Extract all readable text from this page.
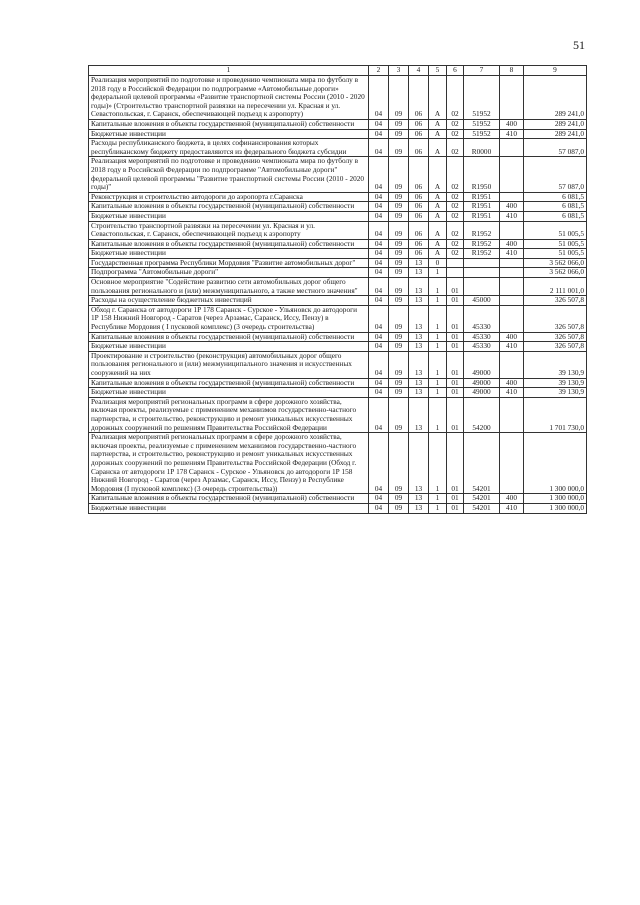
51
1	2	3	4	5	6	7	8	9
Реализация мероприятий по подготовке и проведению чемпионата мира по футболу в 2018 году в Российской Федерации по подпрограмме «Автомобильные дороги» федеральной целевой программы «Развитие транспортной системы России (2010 - 2020 годы)» (Строительство транспортной развязки на пересечении ул. Красная и ул. Севастопольская, г. Саранск, обеспечивающей подъезд к аэропорту)	04	09	06	А	02	51952		289 241,0
Капитальные вложения в объекты государственной (муниципальной) собственности	04	09	06	А	02	51952	400	289 241,0
Бюджетные инвестиции	04	09	06	А	02	51952	410	289 241,0
Расходы республиканского бюджета, в целях софинансирования которых республиканскому бюджету предоставляются из федерального бюджета субсидии	04	09	06	А	02	R0000		57 087,0
Реализация мероприятий по подготовке и проведению чемпионата мира по футболу в 2018 году в Российской Федерации по подпрограмме "Автомобильные дороги" федеральной целевой программы "Развитие транспортной системы России (2010 - 2020 годы)"	04	09	06	А	02	R1950		57 087,0
Реконструкция и строительство автодороги до аэропорта г.Саранска	04	09	06	А	02	R1951		6 081,5
Капитальные вложения в объекты государственной (муниципальной) собственности	04	09	06	А	02	R1951	400	6 081,5
Бюджетные инвестиции	04	09	06	А	02	R1951	410	6 081,5
Строительство транспортной развязки на пересечении ул. Красная и ул. Севастопольская, г. Саранск, обеспечивающей подъезд к аэропорту	04	09	06	А	02	R1952		51 005,5
Капитальные вложения в объекты государственной (муниципальной) собственности	04	09	06	А	02	R1952	400	51 005,5
Бюджетные инвестиции	04	09	06	А	02	R1952	410	51 005,5
Государственная программа Республики Мордовия "Развитие автомобильных дорог"	04	09	13	0				3 562 066,0
Подпрограмма "Автомобильные дороги"	04	09	13	1				3 562 066,0
Основное мероприятие "Содействие развитию сети автомобильных дорог общего пользования регионального и (или) межмуниципального, а также местного значения"	04	09	13	1	01			2 111 001,0
Расходы на осуществление бюджетных инвестиций	04	09	13	1	01	45000		326 507,8
Обход г. Саранска от автодороги 1Р 178 Саранск - Сурское - Ульяновск до автодороги 1Р 158 Нижний Новгород - Саратов (через Арзамас, Саранск, Исcу, Пензу) в Республике Мордовия ( I пусковой комплекс) (3 очередь строительства)	04	09	13	1	01	45330		326 507,8
Капитальные вложения в объекты государственной (муниципальной) собственности	04	09	13	1	01	45330	400	326 507,8
Бюджетные инвестиции	04	09	13	1	01	45330	410	326 507,8
Проектирование и строительство (реконструкция) автомобильных дорог общего пользования регионального и (или) межмуниципального значения и искусственных сооружений на них	04	09	13	1	01	49000		39 130,9
Капитальные вложения в объекты государственной (муниципальной) собственности	04	09	13	1	01	49000	400	39 130,9
Бюджетные инвестиции	04	09	13	1	01	49000	410	39 130,9
Реализация мероприятий региональных программ в сфере дорожного хозяйства, включая проекты, реализуемые с применением механизмов государственно-частного партнерства, и строительство, реконструкцию и ремонт уникальных искусственных дорожных сооружений по решениям Правительства Российской Федерации	04	09	13	1	01	54200		1 701 730,0
Реализация мероприятий региональных программ в сфере дорожного хозяйства, включая проекты, реализуемые с применением механизмов государственно-частного партнерства, и строительство, реконструкцию и ремонт уникальных искусственных дорожных сооружений по решениям Правительства Российской Федерации (Обход г. Саранска от автодороги 1Р 178 Саранск - Сурское - Ульяновск до автодороги 1Р 158 Нижний Новгород - Саратов (через Арзамас, Саранск, Исcу, Пензу) в Республике Мордовия (I пусковой комплекс) (3 очередь строительства))	04	09	13	1	01	54201		1 300 000,0
Капитальные вложения в объекты государственной (муниципальной) собственности	04	09	13	1	01	54201	400	1 300 000,0
Бюджетные инвестиции	04	09	13	1	01	54201	410	1 300 000,0
